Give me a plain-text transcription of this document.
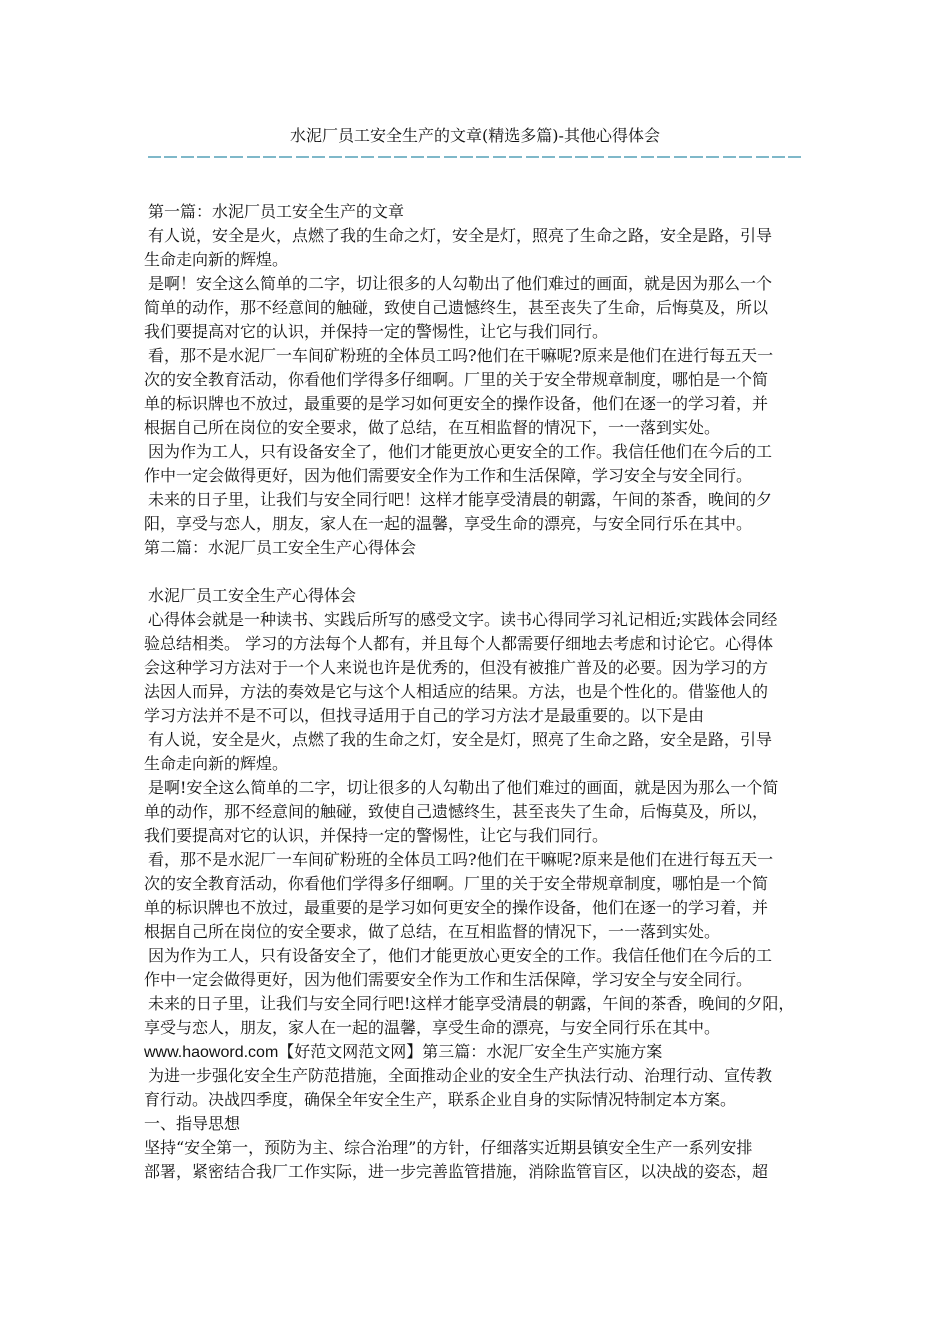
水泥厂员工安全生产的文章(精选多篇)-其他心得体会
第一篇：水泥厂员工安全生产的文章
有人说，安全是火，点燃了我的生命之灯，安全是灯，照亮了生命之路，安全是路，引导
生命走向新的辉煌。
是啊！安全这么简单的二字，切让很多的人勾勒出了他们难过的画面，就是因为那么一个
简单的动作，那不经意间的触碰，致使自己遗憾终生，甚至丧失了生命，后悔莫及，所以
我们要提高对它的认识，并保持一定的警惕性，让它与我们同行。
看，那不是水泥厂一车间矿粉班的全体员工吗?他们在干嘛呢?原来是他们在进行每五天一
次的安全教育活动，你看他们学得多仔细啊。厂里的关于安全带规章制度，哪怕是一个简
单的标识牌也不放过，最重要的是学习如何更安全的操作设备，他们在逐一的学习着，并
根据自己所在岗位的安全要求，做了总结，在互相监督的情况下，一一落到实处。
因为作为工人，只有设备安全了，他们才能更放心更安全的工作。我信任他们在今后的工
作中一定会做得更好，因为他们需要安全作为工作和生活保障，学习安全与安全同行。
未来的日子里，让我们与安全同行吧！这样才能享受清晨的朝露，午间的茶香，晚间的夕
阳，享受与恋人，朋友，家人在一起的温馨，享受生命的漂亮，与安全同行乐在其中。
第二篇：水泥厂员工安全生产心得体会
水泥厂员工安全生产心得体会
心得体会就是一种读书、实践后所写的感受文字。读书心得同学习礼记相近;实践体会同经
验总结相类。 学习的方法每个人都有，并且每个人都需要仔细地去考虑和讨论它。心得体
会这种学习方法对于一个人来说也许是优秀的，但没有被推广普及的必要。因为学习的方
法因人而异，方法的奏效是它与这个人相适应的结果。方法，也是个性化的。借鉴他人的
学习方法并不是不可以，但找寻适用于自己的学习方法才是最重要的。以下是由
有人说，安全是火，点燃了我的生命之灯，安全是灯，照亮了生命之路，安全是路，引导
生命走向新的辉煌。
是啊!安全这么简单的二字，切让很多的人勾勒出了他们难过的画面，就是因为那么一个简
单的动作，那不经意间的触碰，致使自己遗憾终生，甚至丧失了生命，后悔莫及，所以，
我们要提高对它的认识，并保持一定的警惕性，让它与我们同行。
看，那不是水泥厂一车间矿粉班的全体员工吗?他们在干嘛呢?原来是他们在进行每五天一
次的安全教育活动，你看他们学得多仔细啊。厂里的关于安全带规章制度，哪怕是一个简
单的标识牌也不放过，最重要的是学习如何更安全的操作设备，他们在逐一的学习着，并
根据自己所在岗位的安全要求，做了总结，在互相监督的情况下，一一落到实处。
因为作为工人，只有设备安全了，他们才能更放心更安全的工作。我信任他们在今后的工
作中一定会做得更好，因为他们需要安全作为工作和生活保障，学习安全与安全同行。
未来的日子里，让我们与安全同行吧!这样才能享受清晨的朝露，午间的茶香，晚间的夕阳，
享受与恋人，朋友，家人在一起的温馨，享受生命的漂亮，与安全同行乐在其中。
www.haoword.com【好范文网范文网】第三篇：水泥厂安全生产实施方案
为进一步强化安全生产防范措施，全面推动企业的安全生产执法行动、治理行动、宣传教
育行动。决战四季度，确保全年安全生产，联系企业自身的实际情况特制定本方案。
一、指导思想
坚持“安全第一，预防为主、综合治理”的方针，仔细落实近期县镇安全生产一系列安排
部署，紧密结合我厂工作实际，进一步完善监管措施，消除监管盲区，以决战的姿态，超
